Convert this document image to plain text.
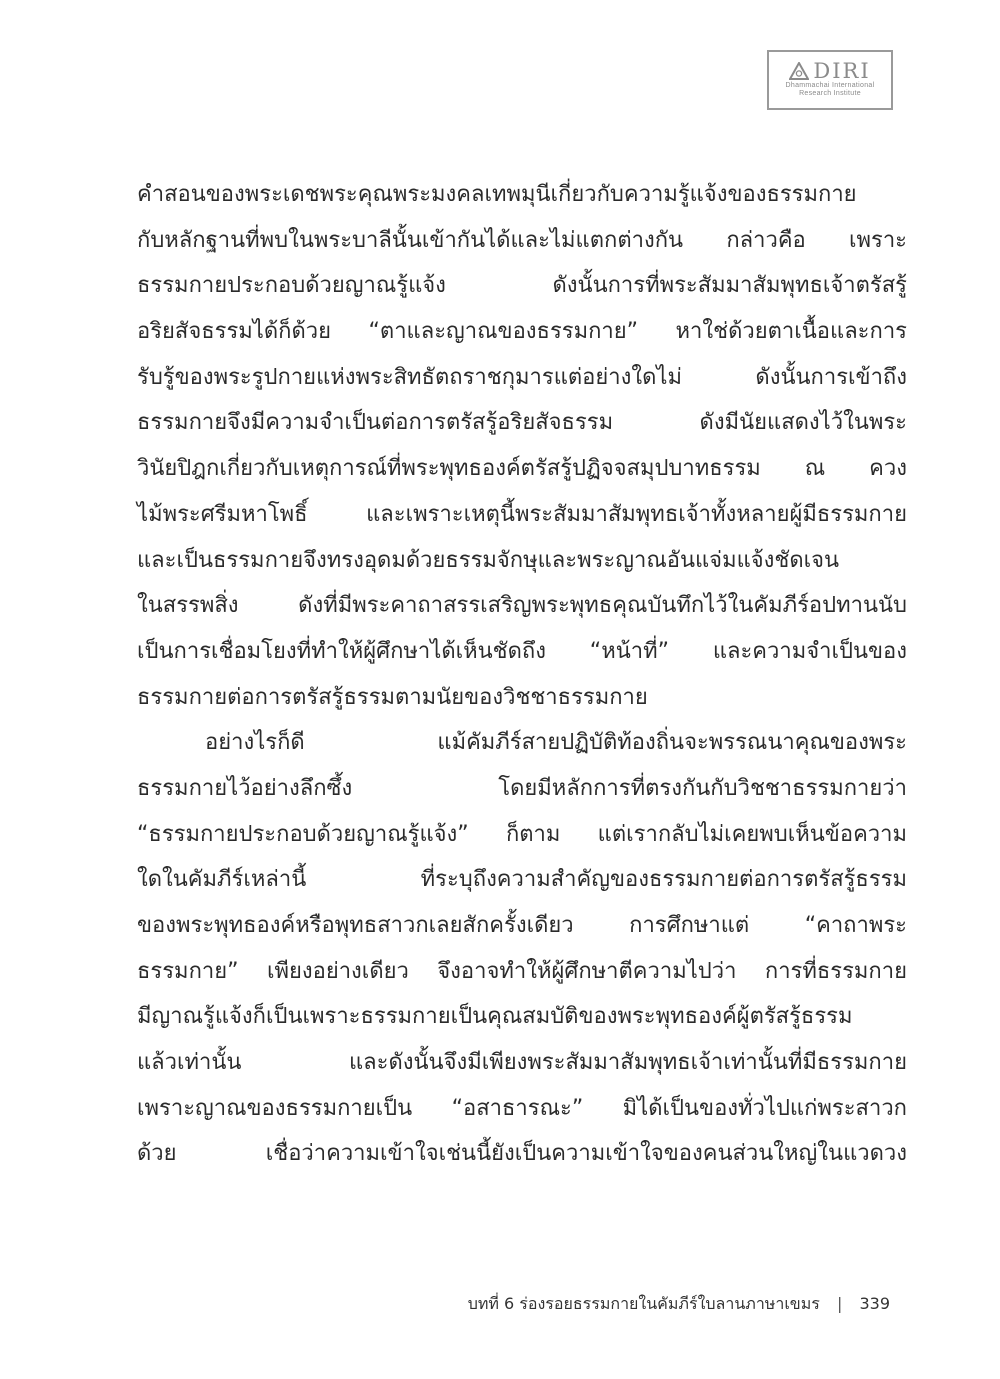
DIRI
Dhammachai International
Research Institute
คำสอนของพระเดชพระคุณพระมงคลเทพมุนีเกี่ยวกับความรู้แจ้งของธรรมกาย
กับหลักฐานที่พบในพระบาลีนั้นเข้ากันได้และไม่แตกต่างกัน กล่าวคือ เพราะ
ธรรมกายประกอบด้วยญาณรู้แจ้ง ดังนั้นการที่พระสัมมาสัมพุทธเจ้าตรัสรู้
อริยสัจธรรมได้ก็ด้วย “ตาและญาณของธรรมกาย” หาใช่ด้วยตาเนื้อและการ
รับรู้ของพระรูปกายแห่งพระสิทธัตถราชกุมารแต่อย่างใดไม่ ดังนั้นการเข้าถึง
ธรรมกายจึงมีความจำเป็นต่อการตรัสรู้อริยสัจธรรม ดังมีนัยแสดงไว้ในพระ
วินัยปิฎกเกี่ยวกับเหตุการณ์ที่พระพุทธองค์ตรัสรู้ปฏิจจสมุปบาทธรรม ณ ควง
ไม้พระศรีมหาโพธิ์ และเพราะเหตุนี้พระสัมมาสัมพุทธเจ้าทั้งหลายผู้มีธรรมกาย
และเป็นธรรมกายจึงทรงอุดมด้วยธรรมจักษุและพระญาณอันแจ่มแจ้งชัดเจน
ในสรรพสิ่ง ดังที่มีพระคาถาสรรเสริญพระพุทธคุณบันทึกไว้ในคัมภีร์อปทานนับ
เป็นการเชื่อมโยงที่ทำให้ผู้ศึกษาได้เห็นชัดถึง “หน้าที่” และความจำเป็นของ
ธรรมกายต่อการตรัสรู้ธรรมตามนัยของวิชชาธรรมกาย
อย่างไรก็ดี แม้คัมภีร์สายปฏิบัติท้องถิ่นจะพรรณนาคุณของพระ
ธรรมกายไว้อย่างลึกซึ้ง โดยมีหลักการที่ตรงกันกับวิชชาธรรมกายว่า
“ธรรมกายประกอบด้วยญาณรู้แจ้ง” ก็ตาม แต่เรากลับไม่เคยพบเห็นข้อความ
ใดในคัมภีร์เหล่านี้ ที่ระบุถึงความสำคัญของธรรมกายต่อการตรัสรู้ธรรม
ของพระพุทธองค์หรือพุทธสาวกเลยสักครั้งเดียว การศึกษาแต่ “คาถาพระ
ธรรมกาย” เพียงอย่างเดียว จึงอาจทำให้ผู้ศึกษาตีความไปว่า การที่ธรรมกาย
มีญาณรู้แจ้งก็เป็นเพราะธรรมกายเป็นคุณสมบัติของพระพุทธองค์ผู้ตรัสรู้ธรรม
แล้วเท่านั้น และดังนั้นจึงมีเพียงพระสัมมาสัมพุทธเจ้าเท่านั้นที่มีธรรมกาย
เพราะญาณของธรรมกายเป็น “อสาธารณะ” มิได้เป็นของทั่วไปแก่พระสาวก
ด้วย เชื่อว่าความเข้าใจเช่นนี้ยังเป็นความเข้าใจของคนส่วนใหญ่ในแวดวง
บทที่ 6 ร่องรอยธรรมกายในคัมภีร์ใบลานภาษาเขมร | 339
